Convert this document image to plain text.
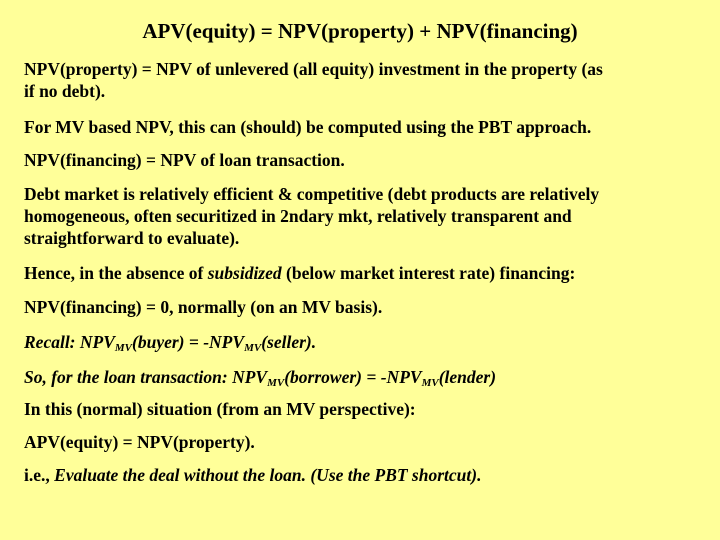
APV(equity) = NPV(property) + NPV(financing)
NPV(property) = NPV of unlevered (all equity) investment in the property (as
if no debt).
For MV based NPV, this can (should) be computed using the PBT approach.
NPV(financing) = NPV of loan transaction.
Debt market is relatively efficient & competitive (debt products are relatively
homogeneous, often securitized in 2ndary mkt, relatively transparent and
straightforward to evaluate).
Hence, in the absence of subsidized (below market interest rate) financing:
NPV(financing) = 0, normally (on an MV basis).
Recall: $NPV_{MV}(buyer)$ = $-NPV_{MV}(seller)$.
So, for the loan transaction: $NPV_{MV}(borrower)$ = $-NPV_{MV}(lender)$
In this (normal) situation (from an MV perspective):
APV(equity) = NPV(property).
i.e., Evaluate the deal without the loan. (Use the PBT shortcut).
